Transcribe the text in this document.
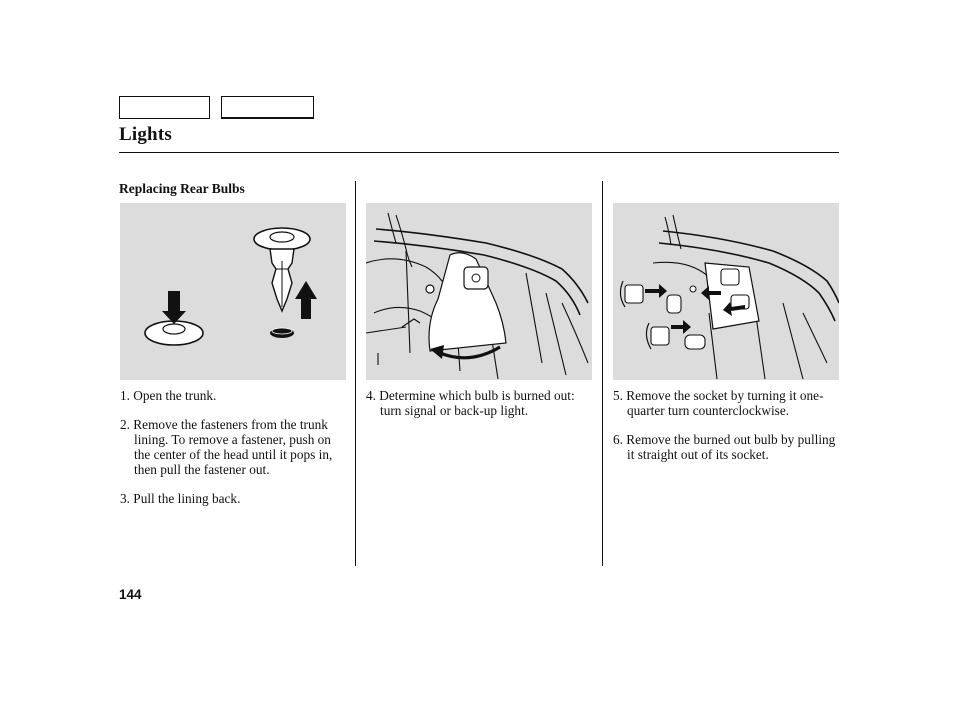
Lights
Replacing Rear Bulbs
1. Open the trunk.
2. Remove the fasteners from the trunk lining. To remove a fastener, push on the center of the head until it pops in, then pull the fastener out.
3. Pull the lining back.
4. Determine which bulb is burned out: turn signal or back-up light.
5. Remove the socket by turning it one-quarter turn counterclockwise.
6. Remove the burned out bulb by pulling it straight out of its socket.
144
